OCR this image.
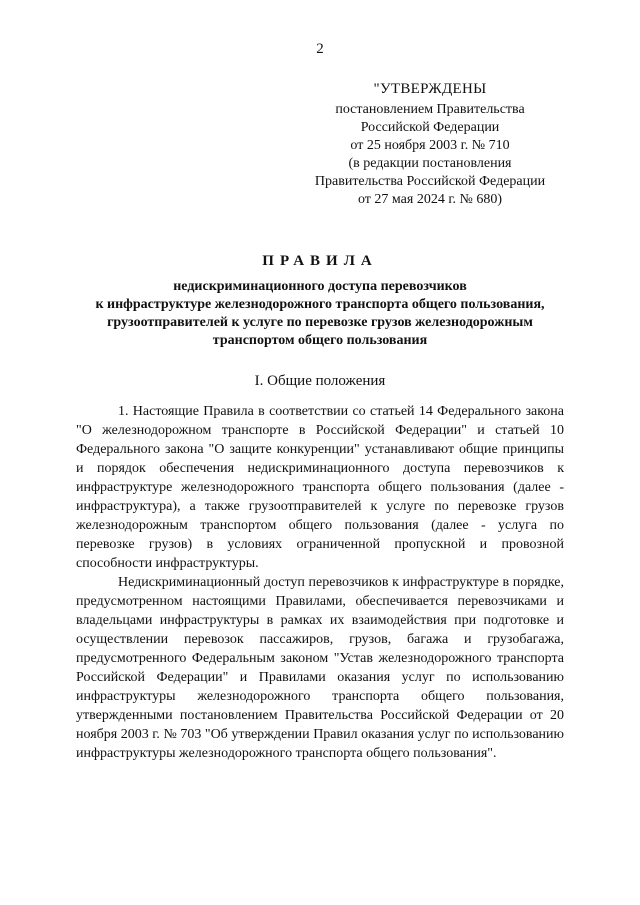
2
"УТВЕРЖДЕНЫ
постановлением Правительства
Российской Федерации
от 25 ноября 2003 г. № 710
(в редакции постановления
Правительства Российской Федерации
от 27 мая 2024 г. № 680)
ПРАВИЛА
недискриминационного доступа перевозчиков
к инфраструктуре железнодорожного транспорта общего пользования,
грузоотправителей к услуге по перевозке грузов железнодорожным
транспортом общего пользования
I. Общие положения

1. Настоящие Правила в соответствии со статьей 14 Федерального закона "О железнодорожном транспорте в Российской Федерации" и статьей 10 Федерального закона "О защите конкуренции" устанавливают общие принципы и порядок обеспечения недискриминационного доступа перевозчиков к инфраструктуре железнодорожного транспорта общего пользования (далее - инфраструктура), а также грузоотправителей к услуге по перевозке грузов железнодорожным транспортом общего пользования (далее - услуга по перевозке грузов) в условиях ограниченной пропускной и провозной способности инфраструктуры.

Недискриминационный доступ перевозчиков к инфраструктуре в порядке, предусмотренном настоящими Правилами, обеспечивается перевозчиками и владельцами инфраструктуры в рамках их взаимодействия при подготовке и осуществлении перевозок пассажиров, грузов, багажа и грузобагажа, предусмотренного Федеральным законом "Устав железнодорожного транспорта Российской Федерации" и Правилами оказания услуг по использованию инфраструктуры железнодорожного транспорта общего пользования, утвержденными постановлением Правительства Российской Федерации от 20 ноября 2003 г. № 703 "Об утверждении Правил оказания услуг по использованию инфраструктуры железнодорожного транспорта общего пользования".
